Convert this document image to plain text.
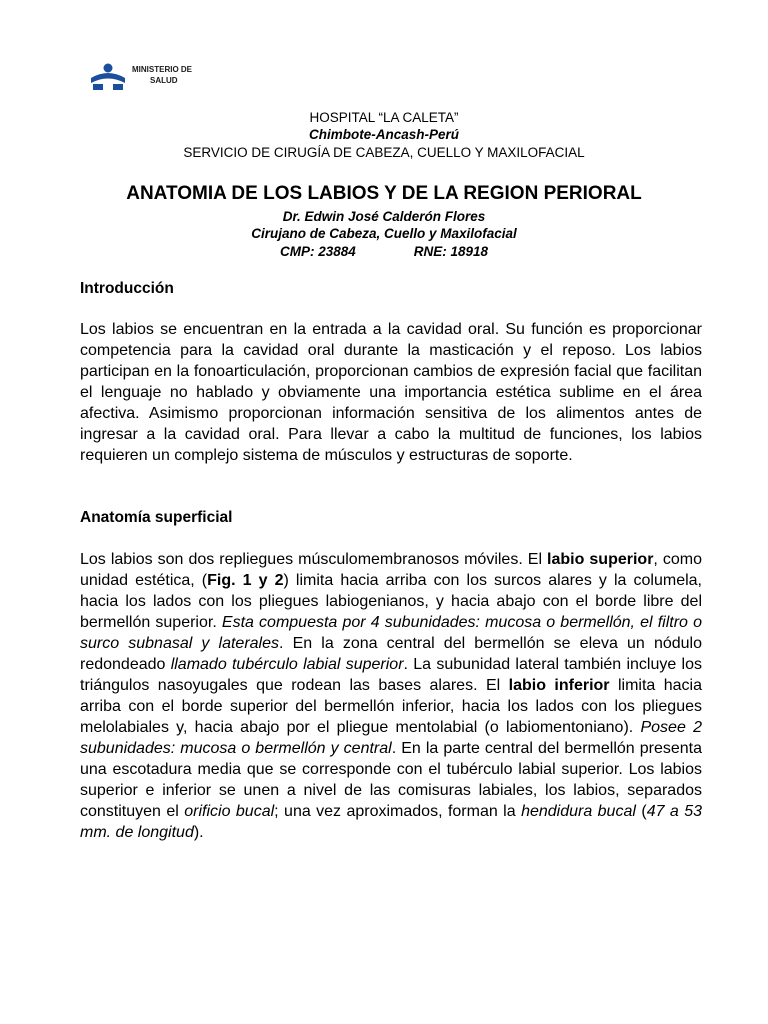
MINISTERIO DE
SALUD
HOSPITAL “LA CALETA”
Chimbote-Ancash-Perú
SERVICIO DE CIRUGÍA DE CABEZA, CUELLO Y MAXILOFACIAL
ANATOMIA DE LOS LABIOS Y DE LA REGION PERIORAL
Dr. Edwin José Calderón Flores
Cirujano de Cabeza, Cuello y Maxilofacial
CMP: 23884	RNE: 18918
Introducción
Los labios se encuentran en la entrada a la cavidad oral. Su función es proporcionar competencia para la cavidad oral durante la masticación y el reposo. Los labios participan en la fonoarticulación, proporcionan cambios de expresión facial que facilitan el lenguaje no hablado y obviamente una importancia estética sublime en el área afectiva. Asimismo proporcionan información sensitiva de los alimentos antes de ingresar a la cavidad oral. Para llevar a cabo la multitud de funciones, los labios requieren un complejo sistema de músculos y estructuras de soporte.
Anatomía superficial
Los labios son dos repliegues músculomembranosos móviles. El labio superior, como unidad estética, (Fig. 1 y 2) limita hacia arriba con los surcos alares y la columela, hacia los lados con los pliegues labiogenianos, y hacia abajo con el borde libre del bermellón superior. Esta compuesta por 4 subunidades: mucosa o bermellón, el filtro o surco subnasal y laterales. En la zona central del bermellón se eleva un nódulo redondeado llamado tubérculo labial superior. La subunidad lateral también incluye los triángulos nasoyugales que rodean las bases alares. El labio inferior limita hacia arriba con el borde superior del bermellón inferior, hacia los lados con los pliegues melolabiales y, hacia abajo por el pliegue mentolabial (o labiomentoniano). Posee 2 subunidades: mucosa o bermellón y central. En la parte central del bermellón presenta una escotadura media que se corresponde con el tubérculo labial superior. Los labios superior e inferior se unen a nivel de las comisuras labiales, los labios, separados constituyen el orificio bucal; una vez aproximados, forman la hendidura bucal (47 a 53 mm. de longitud).
